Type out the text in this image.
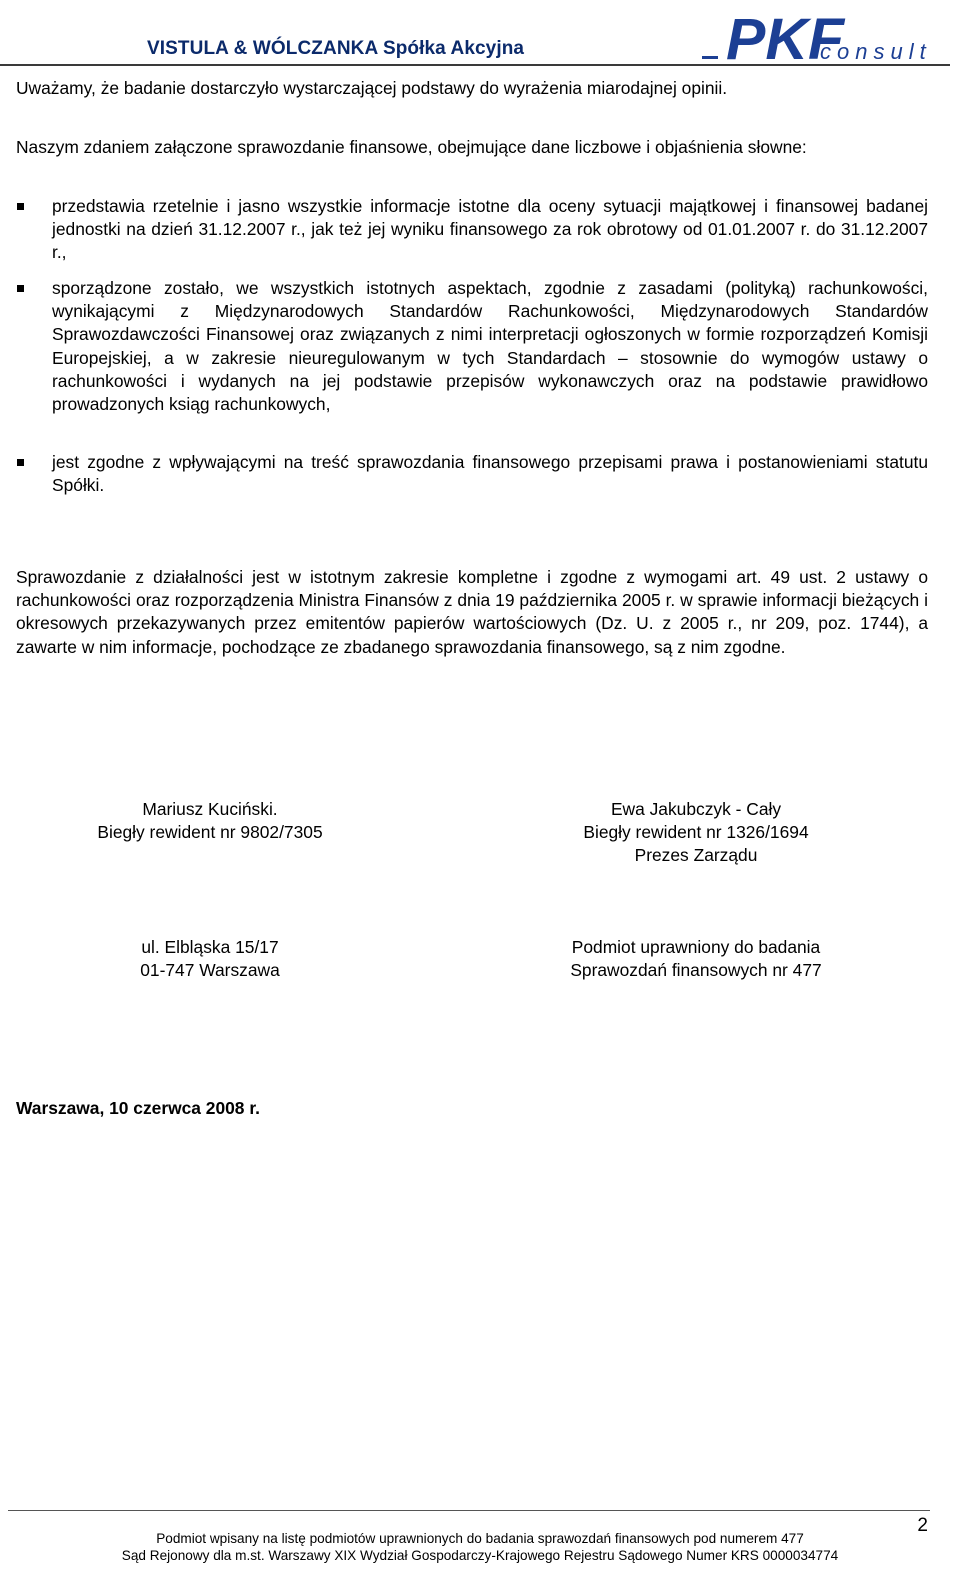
VISTULA & WÓLCZANKA Spółka Akcyjna	PKF
consult
Uważamy, że badanie dostarczyło wystarczającej podstawy do wyrażenia miarodajnej opinii.
Naszym zdaniem załączone sprawozdanie finansowe, obejmujące dane liczbowe i objaśnienia słowne:
przedstawia rzetelnie i jasno wszystkie informacje istotne dla oceny sytuacji majątkowej i finansowej badanej jednostki na dzień 31.12.2007 r., jak też jej wyniku finansowego za rok obrotowy od 01.01.2007 r. do 31.12.2007 r.,
sporządzone zostało, we wszystkich istotnych aspektach, zgodnie z zasadami (polityką) rachunkowości, wynikającymi z Międzynarodowych Standardów Rachunkowości, Międzynarodowych Standardów Sprawozdawczości Finansowej oraz związanych z nimi interpretacji ogłoszonych w formie rozporządzeń Komisji Europejskiej, a w zakresie nieuregulowanym w tych Standardach – stosownie do wymogów ustawy o rachunkowości i wydanych na jej podstawie przepisów wykonawczych oraz na podstawie prawidłowo prowadzonych ksiąg rachunkowych,
jest zgodne z wpływającymi na treść sprawozdania finansowego przepisami prawa i postanowieniami statutu Spółki.
Sprawozdanie z działalności jest w istotnym zakresie kompletne i zgodne z wymogami art. 49 ust. 2 ustawy o rachunkowości oraz rozporządzenia Ministra Finansów z dnia 19 października 2005 r. w sprawie informacji bieżących i okresowych przekazywanych przez emitentów papierów wartościowych (Dz. U. z 2005 r., nr 209, poz. 1744), a zawarte w nim informacje, pochodzące ze zbadanego sprawozdania finansowego, są z nim zgodne.
Mariusz Kuciński.
Biegły rewident nr 9802/7305
Ewa Jakubczyk - Cały
Biegły rewident nr 1326/1694
Prezes Zarządu
ul. Elbląska 15/17
01-747 Warszawa
Podmiot uprawniony do badania
Sprawozdań finansowych nr 477
Warszawa, 10 czerwca 2008 r.
2
Podmiot wpisany na listę podmiotów uprawnionych do badania sprawozdań finansowych pod numerem 477
Sąd Rejonowy dla m.st. Warszawy XIX Wydział Gospodarczy-Krajowego Rejestru Sądowego Numer KRS 0000034774
